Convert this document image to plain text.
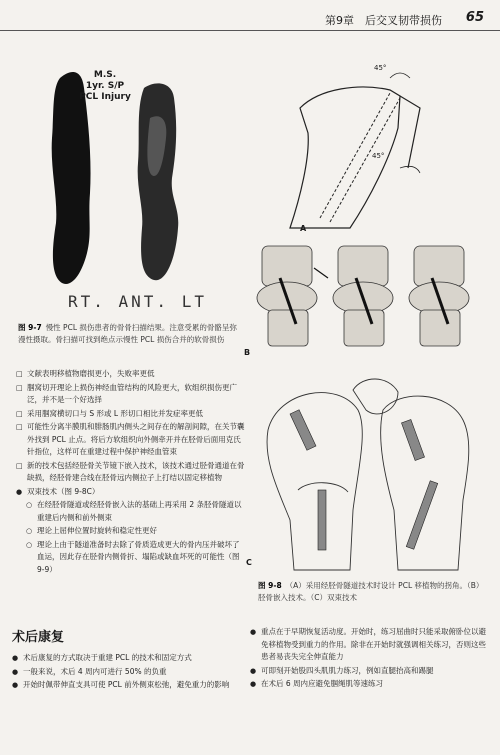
第9章　后交叉韧带损伤 65
M.S.
1yr. S/P
PCL Injury
RT. ANT. LT
图 9-7 慢性 PCL 损伤患者的骨骨扫描结果。注意受累的骨骼呈弥漫性摄取。骨扫描可找到绝点示慢性 PCL 损伤合并的软骨损伤
45°
45°
A
B
C
图 9-8 （A）采用经胫骨隧道技术时设计 PCL 移植物的拐角。（B）胫骨嵌入技术。（C）双束技术
□ 文献表明移植物磨损更小，失败率更低
□ 腘窝切开理论上损伤神经血管结构的风险更大，软组织损伤更广泛，并不是一个好选择
□ 采用腘窝横切口与 S 形或 L 形切口相比并发症率更低
□ 可能性分离半膜肌和腓肠肌内侧头之间存在的解剖间隙，在关节囊外找到 PCL 止点。将后方软组织向外侧牵开并在胫骨后面用克氏针指位，这样可在重建过程中保护神经血管束
□ 新的技术包括经胫骨关节镜下嵌入技术，该技术通过胫骨通道在骨缺损，经胫骨建合线在胫骨远内侧拉子上打结以固定移植物
● 双束技术（图 9-8C）
○ 在经胫骨隧道或经胫骨嵌入法的基础上再采用 2 条胫骨隧道以重建后内侧和前外侧束
○ 理论上屈伸位置时旋转和稳定性更好
○ 理论上由于隧道准备时去除了骨质造成更大的骨内压并破坏了血运，因此存在胫骨内侧骨折、塌陷或缺血坏死的可能性（图 9-9）
术后康复
● 术后康复的方式取决于重建 PCL 的技术和固定方式
● 一般来说，术后 4 周内可进行 50% 的负重
● 开始时佩带伸直支具可使 PCL 前外侧束松弛，避免重力的影响
● 重点在于早期恢复活动度。开始时，练习屈曲时只能采取俯卧位以避免移植物受到重力的作用。除非在开始时就强调相关练习，否则这些患者易丧失完全伸直能力
● 可即刻开始股四头肌肌力练习，例如直腿抬高和踢腿
● 在术后 6 周内应避免腘绳肌等速练习
